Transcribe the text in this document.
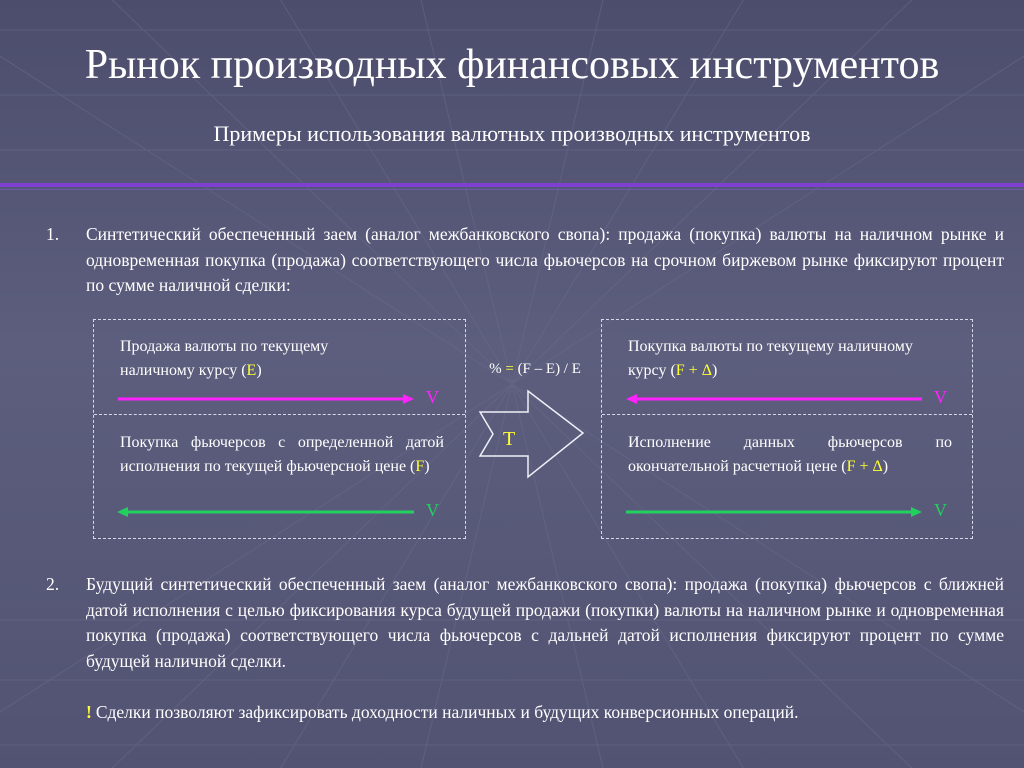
Рынок производных финансовых инструментов
Примеры использования валютных производных инструментов
1. Синтетический обеспеченный заем (аналог межбанковского свопа): продажа (покупка) валюты на наличном рынке и одновременная покупка (продажа) соответствующего числа фьючерсов на срочном биржевом рынке фиксируют процент по сумме наличной сделки:
Продажа валюты по текущему наличному курсу (E)
Покупка фьючерсов с определенной датой исполнения по текущей фьючерсной цене (F)
Покупка валюты по текущему наличному курсу (F + Δ)
Исполнение данных фьючерсов по окончательной расчетной цене (F + Δ)
V
V
V
V
% = (F – E) / E
T
2. Будущий синтетический обеспеченный заем (аналог межбанковского свопа): продажа (покупка) фьючерсов с ближней датой исполнения с целью фиксирования курса будущей продажи (покупки) валюты на наличном рынке и одновременная покупка (продажа) соответствующего числа фьючерсов с дальней датой исполнения фиксируют процент по сумме будущей наличной сделки.
! Сделки позволяют зафиксировать доходности наличных и будущих конверсионных операций.
